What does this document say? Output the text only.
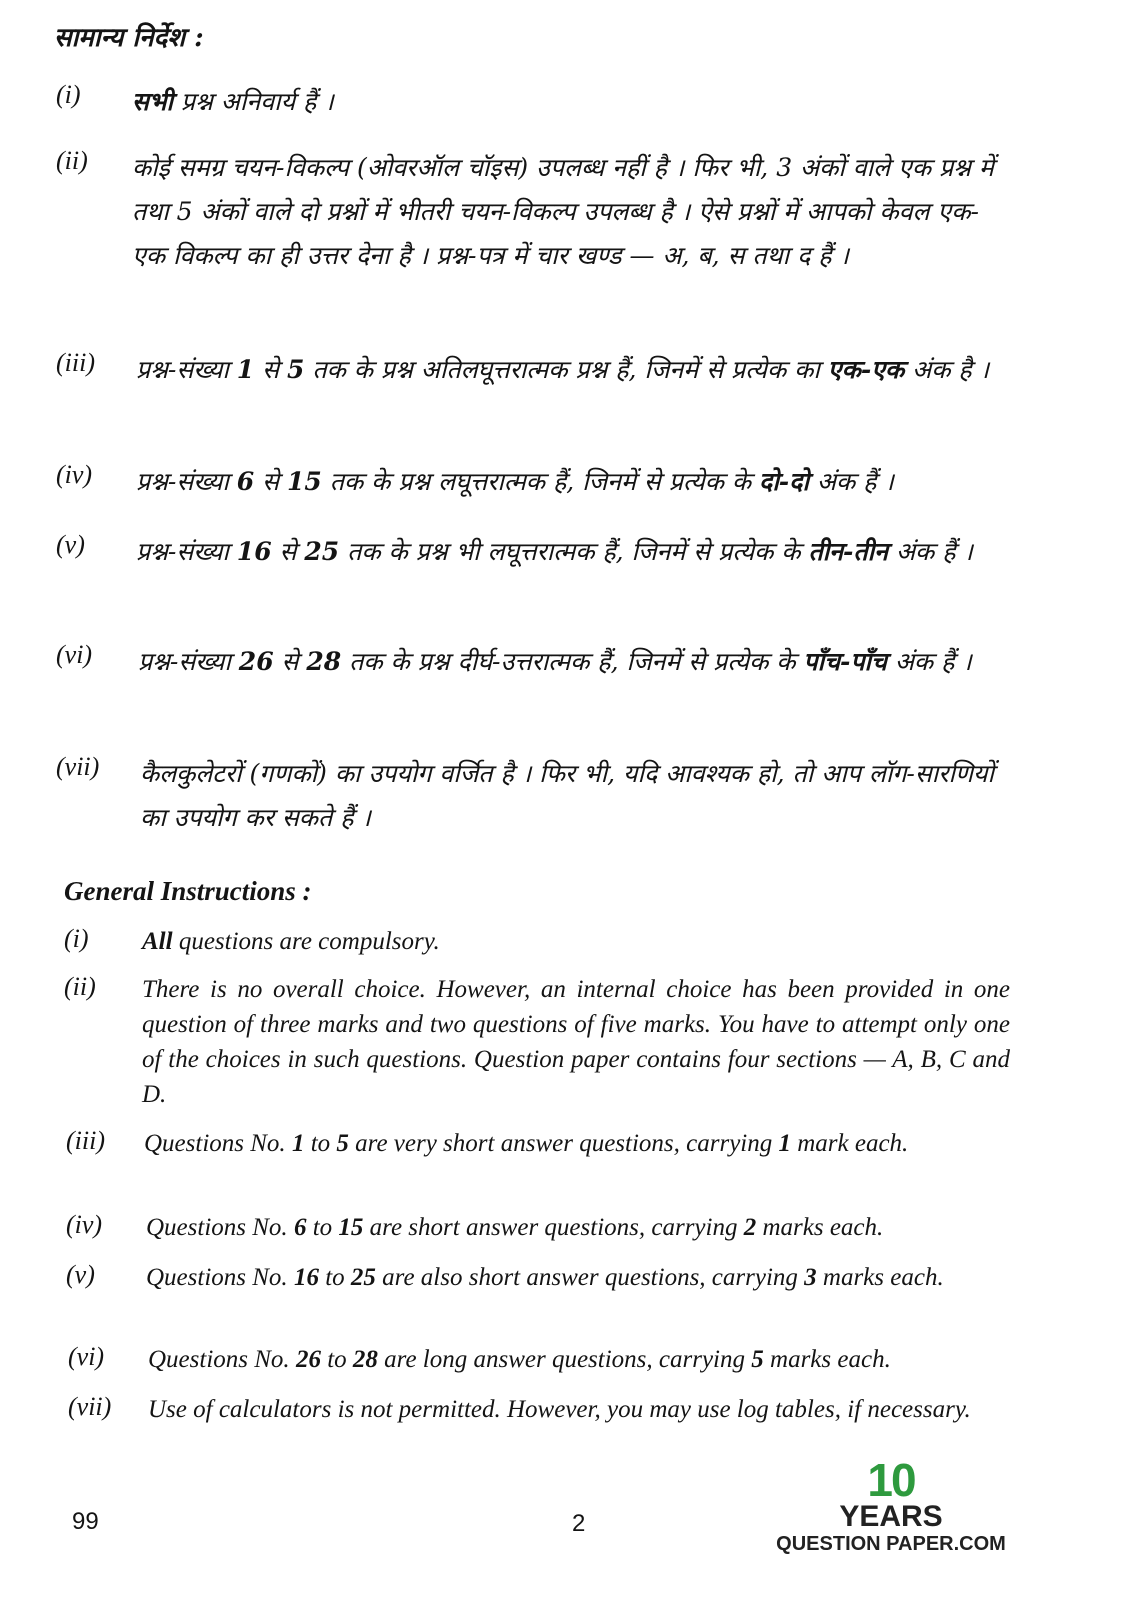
सामान्य निर्देश :
(i) सभी प्रश्न अनिवार्य हैं ।
(ii) कोई समग्र चयन-विकल्प (ओवरऑल चॉइस) उपलब्ध नहीं है । फिर भी, 3 अंकों वाले एक प्रश्न में तथा 5 अंकों वाले दो प्रश्नों में भीतरी चयन-विकल्प उपलब्ध है । ऐसे प्रश्नों में आपको केवल एक-एक विकल्प का ही उत्तर देना है । प्रश्न-पत्र में चार खण्ड — अ, ब, स तथा द हैं ।
(iii) प्रश्न-संख्या 1 से 5 तक के प्रश्न अतिलघूत्तरात्मक प्रश्न हैं, जिनमें से प्रत्येक का एक-एक अंक है ।
(iv) प्रश्न-संख्या 6 से 15 तक के प्रश्न लघूत्तरात्मक हैं, जिनमें से प्रत्येक के दो-दो अंक हैं ।
(v) प्रश्न-संख्या 16 से 25 तक के प्रश्न भी लघूत्तरात्मक हैं, जिनमें से प्रत्येक के तीन-तीन अंक हैं ।
(vi) प्रश्न-संख्या 26 से 28 तक के प्रश्न दीर्घ-उत्तरात्मक हैं, जिनमें से प्रत्येक के पाँच-पाँच अंक हैं ।
(vii) कैलकुलेटरों (गणकों) का उपयोग वर्जित है । फिर भी, यदि आवश्यक हो, तो आप लॉग-सारणियों का उपयोग कर सकते हैं ।
General Instructions :
(i) All questions are compulsory.
(ii) There is no overall choice. However, an internal choice has been provided in one question of three marks and two questions of five marks. You have to attempt only one of the choices in such questions. Question paper contains four sections — A, B, C and D.
(iii) Questions No. 1 to 5 are very short answer questions, carrying 1 mark each.
(iv) Questions No. 6 to 15 are short answer questions, carrying 2 marks each.
(v) Questions No. 16 to 25 are also short answer questions, carrying 3 marks each.
(vi) Questions No. 26 to 28 are long answer questions, carrying 5 marks each.
(vii) Use of calculators is not permitted. However, you may use log tables, if necessary.
99	2
10
YEARS
QUESTION PAPER.COM
